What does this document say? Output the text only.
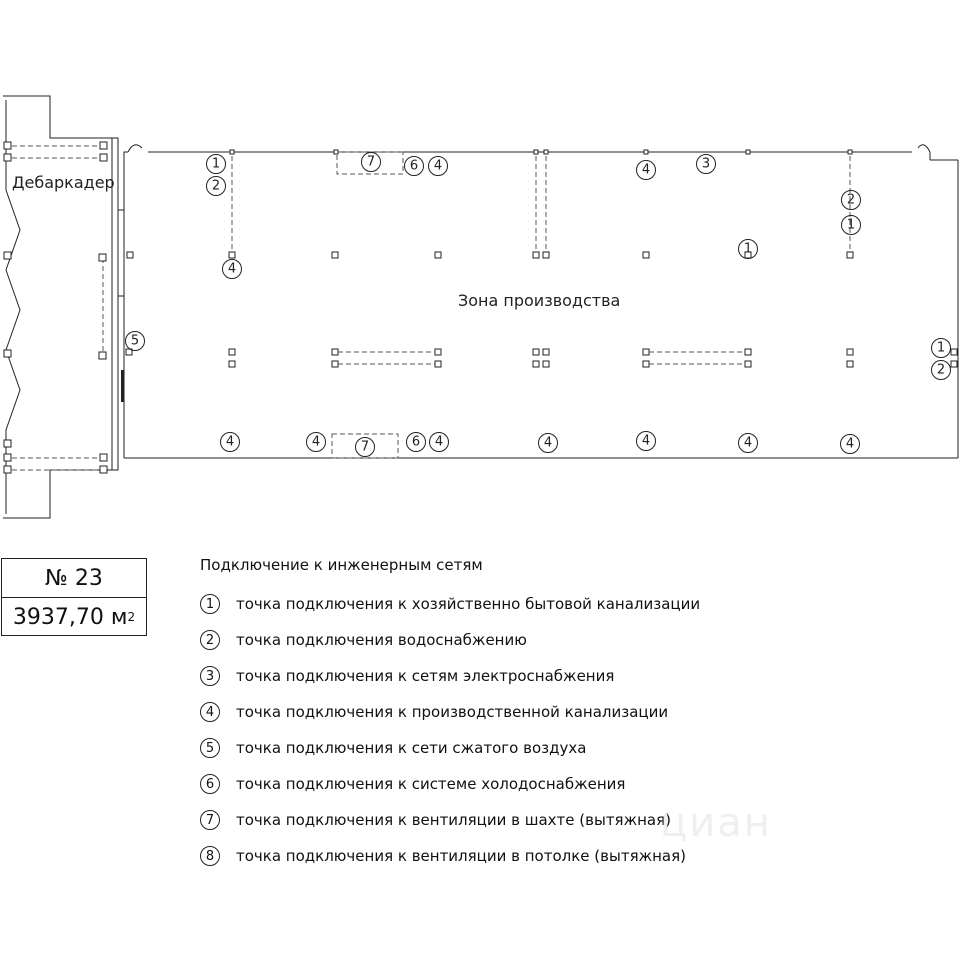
Дебаркадер
Зона производства
1
2
4
7	6 4	4	3
2
1
1
5	1
2
4	4	7	6 4	4	4	4	4
№ 23
3937,70 м 2
Подключение к инженерным сетям
1	точка подключения к хозяйственно бытовой канализации
2	точка подключения водоснабжению
3	точка подключения к сетям электроснабжения
4	точка подключения к производственной канализации
5	точка подключения к сети сжатого воздуха
6	точка подключения к системе холодоснабжения
7	точка подключения к вентиляции в шахте (вытяжная)
8	точка подключения к вентиляции в потолке (вытяжная)
циан
